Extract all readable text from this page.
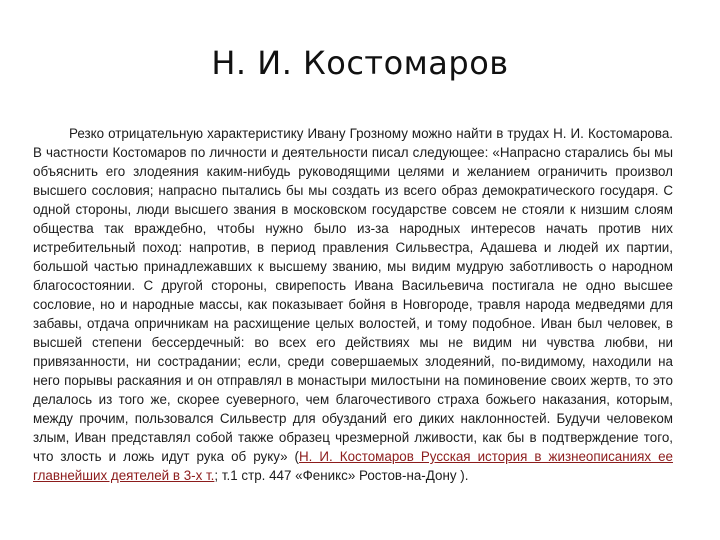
Н. И. Костомаров

Резко отрицательную характеристику Ивану Грозному можно найти в трудах Н. И. Костомарова. В частности Костомаров по личности и деятельности писал следующее: «Напрасно старались бы мы объяснить его злодеяния каким-нибудь руководящими целями и желанием ограничить произвол высшего сословия; напрасно пытались бы мы создать из всего образ демократического государя. С одной стороны, люди высшего звания в московском государстве совсем не стояли к низшим слоям общества так враждебно, чтобы нужно было из-за народных интересов начать против них истребительный поход: напротив, в период правления Сильвестра, Адашева и людей их партии, большой частью принадлежавших к высшему званию, мы видим мудрую заботливость о народном благосостоянии. С другой стороны, свирепость Ивана Васильевича постигала не одно высшее сословие, но и народные массы, как показывает бойня в Новгороде, травля народа медведями для забавы, отдача опричникам на расхищение целых волостей, и тому подобное. Иван был человек, в высшей степени бессердечный: во всех его действиях мы не видим ни чувства любви, ни привязанности, ни сострадании; если, среди совершаемых злодеяний, по-видимому, находили на него порывы раскаяния и он отправлял в монастыри милостыни на поминовение своих жертв, то это делалось из того же, скорее суеверного, чем благочестивого страха божьего наказания, которым, между прочим, пользовался Сильвестр для обузданий его диких наклонностей. Будучи человеком злым, Иван представлял собой также образец чрезмерной лживости, как бы в подтверждение того, что злость и ложь идут рука об руку» (Н. И. Костомаров Русская история в жизнеописаниях ее главнейших деятелей в 3-х т.; т.1 стр. 447 «Феникс» Ростов-на-Дону ).
